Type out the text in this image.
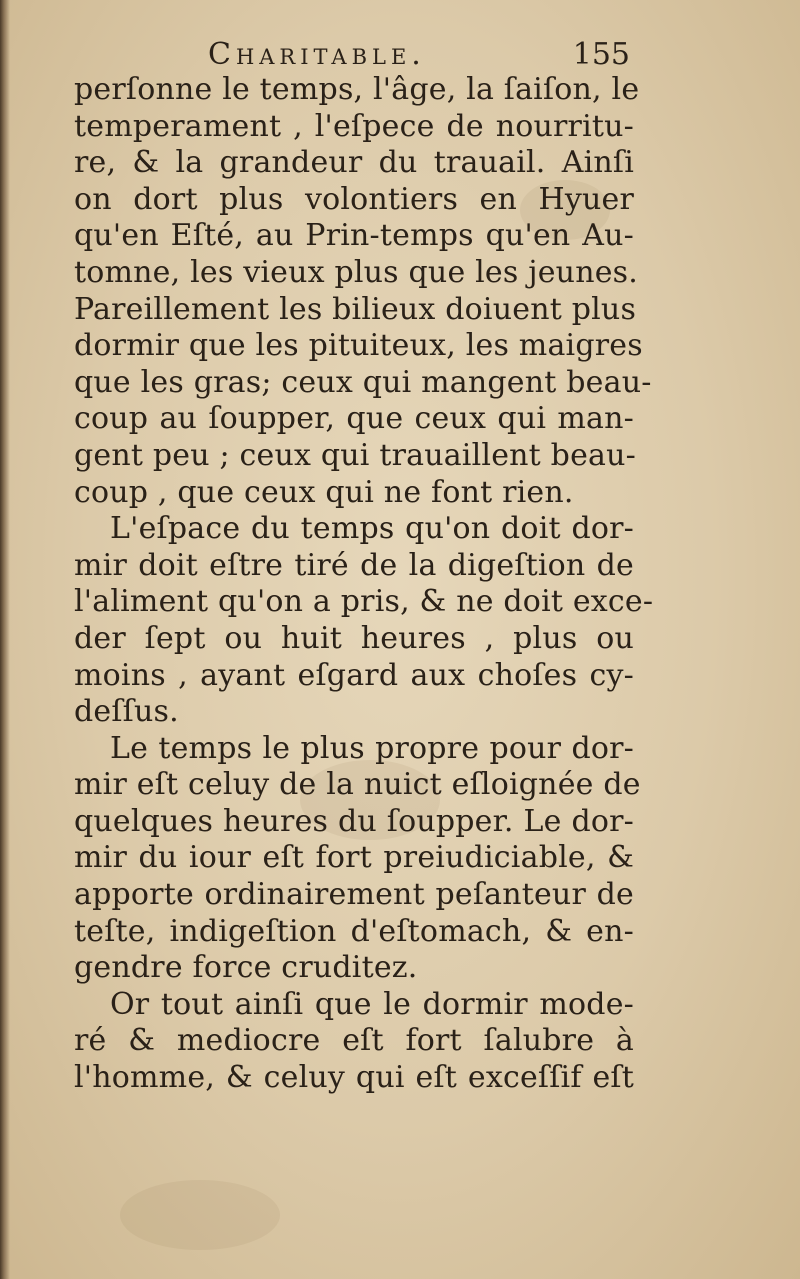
Charitable.	155
perſonne le temps, l'âge, la ſaiſon, le
temperament , l'eſpece de nourritu-
re, & la grandeur du trauail. Ainſi
on dort plus volontiers en Hyuer
qu'en Eſté, au Prin-temps qu'en Au-
tomne, les vieux plus que les jeunes.
Pareillement les bilieux doiuent plus
dormir que les pituiteux, les maigres
que les gras; ceux qui mangent beau-
coup au ſoupper, que ceux qui man-
gent peu ; ceux qui trauaillent beau-
coup , que ceux qui ne font rien.
L'eſpace du temps qu'on doit dor-
mir doit eſtre tiré de la digeſtion de
l'aliment qu'on a pris, & ne doit exce-
der ſept ou huit heures , plus ou
moins , ayant eſgard aux choſes cy-
deſſus.
Le temps le plus propre pour dor-
mir eſt celuy de la nuict eſloignée de
quelques heures du ſoupper. Le dor-
mir du iour eſt fort preiudiciable, &
apporte ordinairement peſanteur de
teſte, indigeſtion d'eſtomach, & en-
gendre force cruditez.
Or tout ainſi que le dormir mode-
ré & mediocre eſt fort ſalubre à
l'homme, & celuy qui eſt exceſſif eſt
